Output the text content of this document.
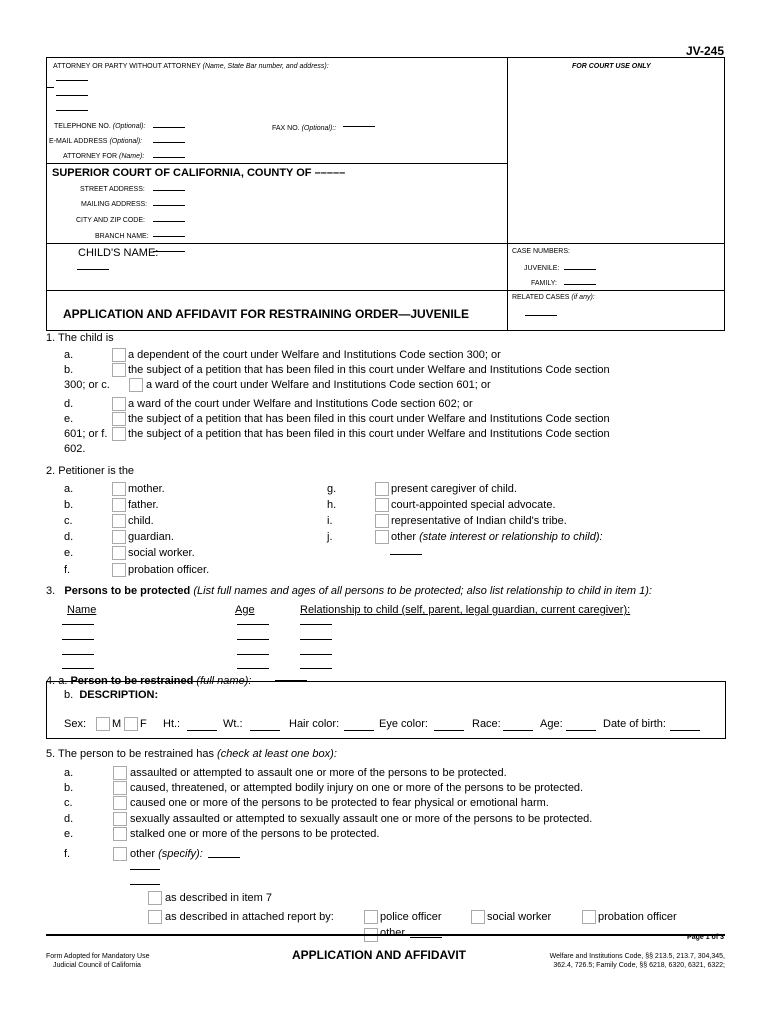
JV-245
ATTORNEY OR PARTY WITHOUT ATTORNEY (Name, State Bar number, and address):	FOR COURT USE ONLY
TELEPHONE NO. (Optional):	FAX NO. (Optional)::
E-MAIL ADDRESS (Optional):
ATTORNEY FOR (Name):
SUPERIOR COURT OF CALIFORNIA, COUNTY OF –––––
STREET ADDRESS:
MAILING ADDRESS:
CITY AND ZIP CODE:
BRANCH NAME:
CHILD'S NAME:	CASE NUMBERS:
JUVENILE:
FAMILY:
RELATED CASES (if any):
APPLICATION AND AFFIDAVIT FOR RESTRAINING ORDER—JUVENILE
1. The child is
a.	a dependent of the court under Welfare and Institutions Code section 300; or
b.	the subject of a petition that has been filed in this court under Welfare and Institutions Code section
300; or c.	a ward of the court under Welfare and Institutions Code section 601; or
d.	a ward of the court under Welfare and Institutions Code section 602; or
e.	the subject of a petition that has been filed in this court under Welfare and Institutions Code section
601; or f. the subject of a petition that has been filed in this court under Welfare and Institutions Code section
602.
2. Petitioner is the
a.	mother.
b.	father.
c.	child.
d.	guardian.
e.	social worker.
f.	probation officer.
g.	present caregiver of child.
h.	court-appointed special advocate.
i.	representative of Indian child's tribe.
j.	other (state interest or relationship to child):
3. Persons to be protected (List full names and ages of all persons to be protected; also list relationship to child in item 1):
Name	Age	Relationship to child (self, parent, legal guardian, current caregiver):
4. a. Person to be restrained (full name):
b. DESCRIPTION:
Sex: M F Ht.:	Wt.:	Hair color:	Eye color:	Race:	Age:	Date of birth:
5. The person to be restrained has (check at least one box):
a.	assaulted or attempted to assault one or more of the persons to be protected.
b.	caused, threatened, or attempted bodily injury on one or more of the persons to be protected.
c.	caused one or more of the persons to be protected to fear physical or emotional harm.
d.	sexually assaulted or attempted to sexually assault one or more of the persons to be protected.
e.	stalked one or more of the persons to be protected.
f.	other (specify):
as described in item 7
as described in attached report by:	police officer	social worker	probation officer
other	Page 1 of 3
Form Adopted for Mandatory Use
Judicial Council of California
APPLICATION AND AFFIDAVIT	Welfare and Institutions Code, §§ 213.5, 213.7, 304,345,
362.4, 726.5; Family Code, §§ 6218, 6320, 6321, 6322;
